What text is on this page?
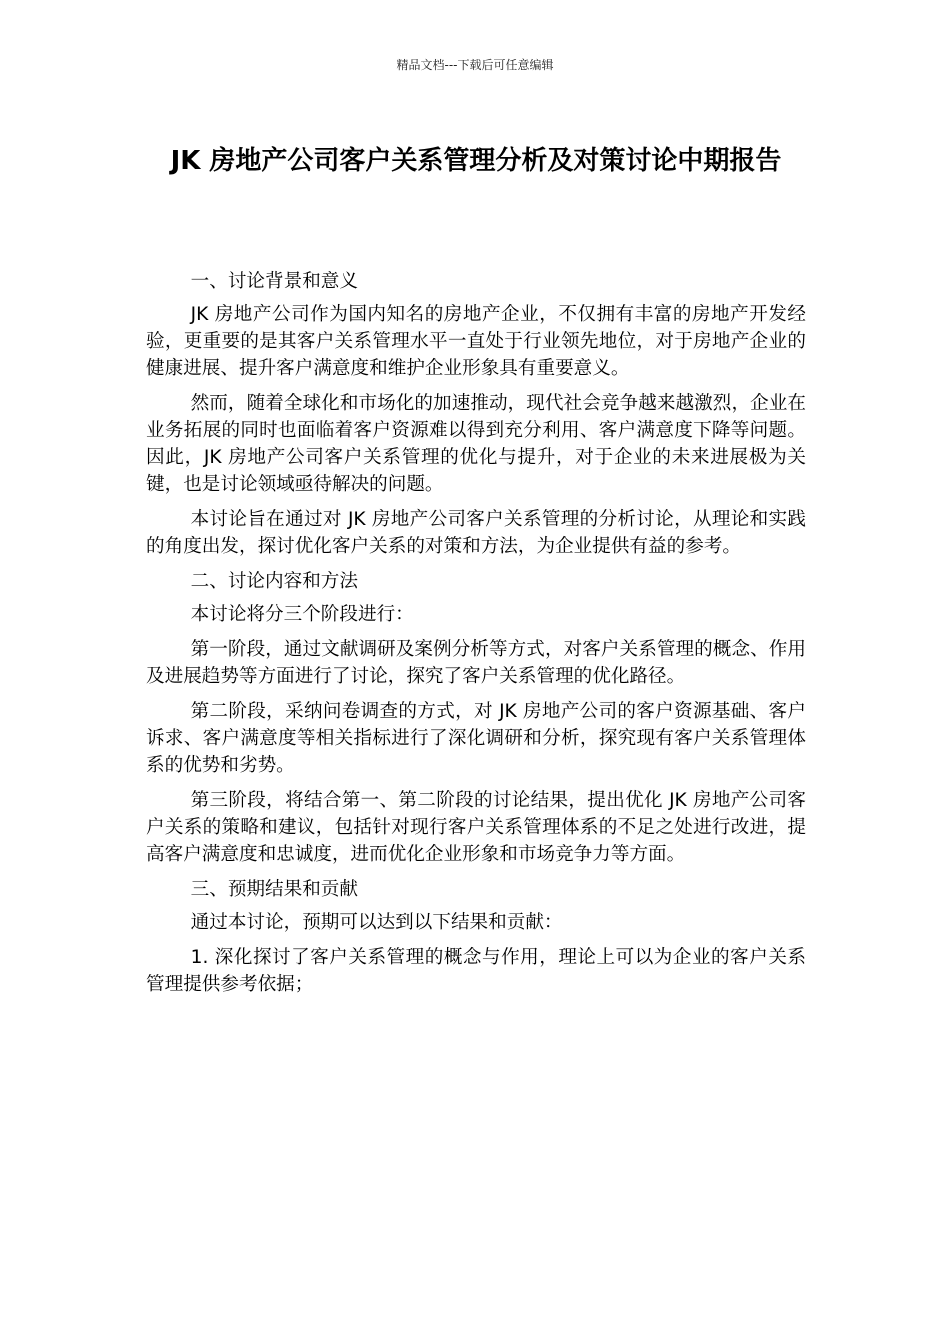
精品文档---下载后可任意编辑
JK 房地产公司客户关系管理分析及对策讨论中期报告

一、讨论背景和意义

JK 房地产公司作为国内知名的房地产企业，不仅拥有丰富的房地产开发经验，更重要的是其客户关系管理水平一直处于行业领先地位，对于房地产企业的健康进展、提升客户满意度和维护企业形象具有重要意义。

然而，随着全球化和市场化的加速推动，现代社会竞争越来越激烈，企业在业务拓展的同时也面临着客户资源难以得到充分利用、客户满意度下降等问题。因此，JK 房地产公司客户关系管理的优化与提升，对于企业的未来进展极为关键，也是讨论领域亟待解决的问题。

本讨论旨在通过对 JK 房地产公司客户关系管理的分析讨论，从理论和实践的角度出发，探讨优化客户关系的对策和方法，为企业提供有益的参考。

二、讨论内容和方法

本讨论将分三个阶段进行：

第一阶段，通过文献调研及案例分析等方式，对客户关系管理的概念、作用及进展趋势等方面进行了讨论，探究了客户关系管理的优化路径。

第二阶段，采纳问卷调查的方式，对 JK 房地产公司的客户资源基础、客户诉求、客户满意度等相关指标进行了深化调研和分析，探究现有客户关系管理体系的优势和劣势。

第三阶段，将结合第一、第二阶段的讨论结果，提出优化 JK 房地产公司客户关系的策略和建议，包括针对现行客户关系管理体系的不足之处进行改进，提高客户满意度和忠诚度，进而优化企业形象和市场竞争力等方面。

三、预期结果和贡献

通过本讨论，预期可以达到以下结果和贡献：

1. 深化探讨了客户关系管理的概念与作用，理论上可以为企业的客户关系管理提供参考依据；
